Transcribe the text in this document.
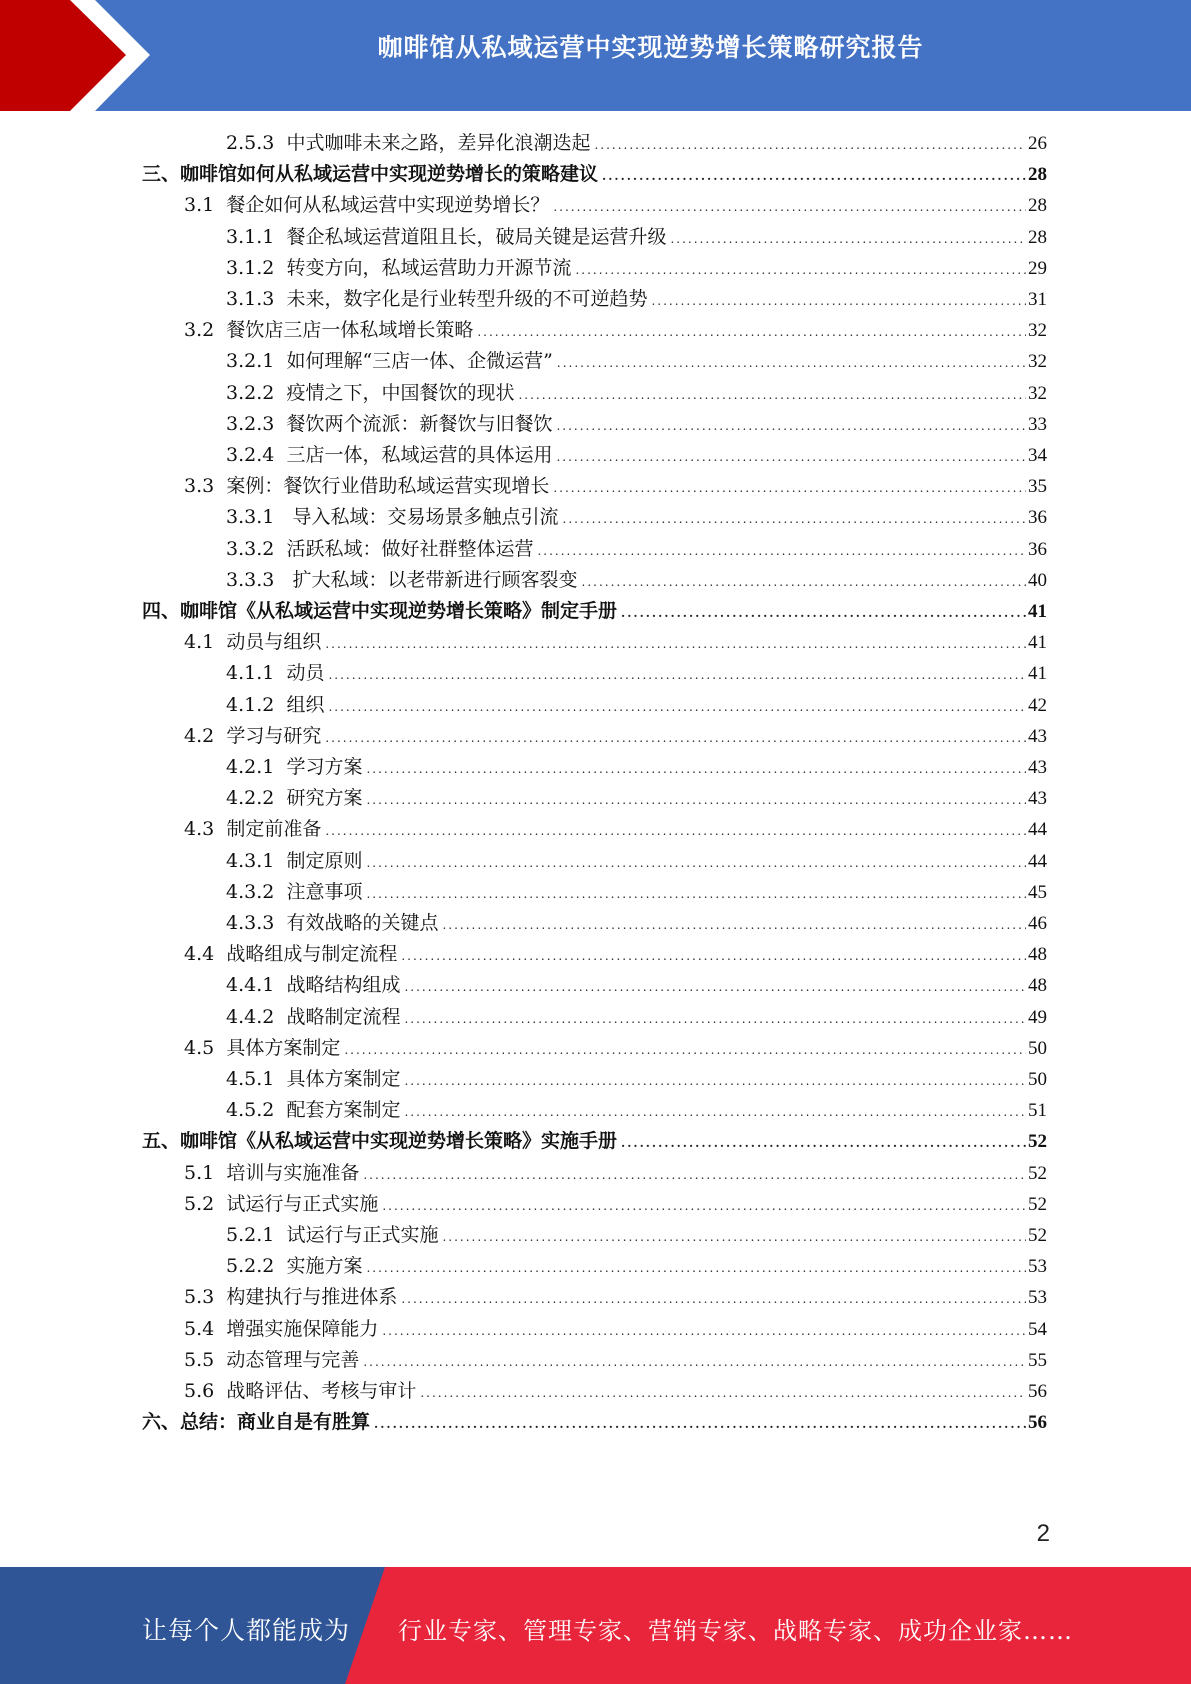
咖啡馆从私域运营中实现逆势增长策略研究报告
2.5.3 中式咖啡未来之路，差异化浪潮迭起 .....	26
三、咖啡馆如何从私域运营中实现逆势增长的策略建议 .....	28
3.1 餐企如何从私域运营中实现逆势增长？ .....	28
3.1.1 餐企私域运营道阻且长，破局关键是运营升级 .....	28
3.1.2 转变方向，私域运营助力开源节流 .....	29
3.1.3 未来，数字化是行业转型升级的不可逆趋势 .....	31
3.2 餐饮店三店一体私域增长策略 .....	32
3.2.1 如何理解“三店一体、企微运营” .....	32
3.2.2 疫情之下，中国餐饮的现状 .....	32
3.2.3 餐饮两个流派：新餐饮与旧餐饮 .....	33
3.2.4 三店一体，私域运营的具体运用 .....	34
3.3 案例：餐饮行业借助私域运营实现增长 .....	35
3.3.1   导入私域：交易场景多触点引流 .....	36
3.3.2 活跃私域：做好社群整体运营 .....	36
3.3.3   扩大私域：以老带新进行顾客裂变 .....	40
四、咖啡馆《从私域运营中实现逆势增长策略》制定手册 .....	41
4.1 动员与组织 .....	41
4.1.1 动员 .....	41
4.1.2 组织 .....	42
4.2 学习与研究 .....	43
4.2.1 学习方案 .....	43
4.2.2 研究方案 .....	43
4.3 制定前准备 .....	44
4.3.1 制定原则 .....	44
4.3.2 注意事项 .....	45
4.3.3 有效战略的关键点 .....	46
4.4 战略组成与制定流程 .....	48
4.4.1 战略结构组成 .....	48
4.4.2 战略制定流程 .....	49
4.5 具体方案制定 .....	50
4.5.1 具体方案制定 .....	50
4.5.2 配套方案制定 .....	51
五、咖啡馆《从私域运营中实现逆势增长策略》实施手册 .....	52
5.1 培训与实施准备 .....	52
5.2 试运行与正式实施 .....	52
5.2.1 试运行与正式实施 .....	52
5.2.2 实施方案 .....	53
5.3 构建执行与推进体系 .....	53
5.4 增强实施保障能力 .....	54
5.5 动态管理与完善 .....	55
5.6 战略评估、考核与审计 .....	56
六、总结：商业自是有胜算 .....	56
2
让每个人都能成为 行业专家、管理专家、营销专家、战略专家、成功企业家……
